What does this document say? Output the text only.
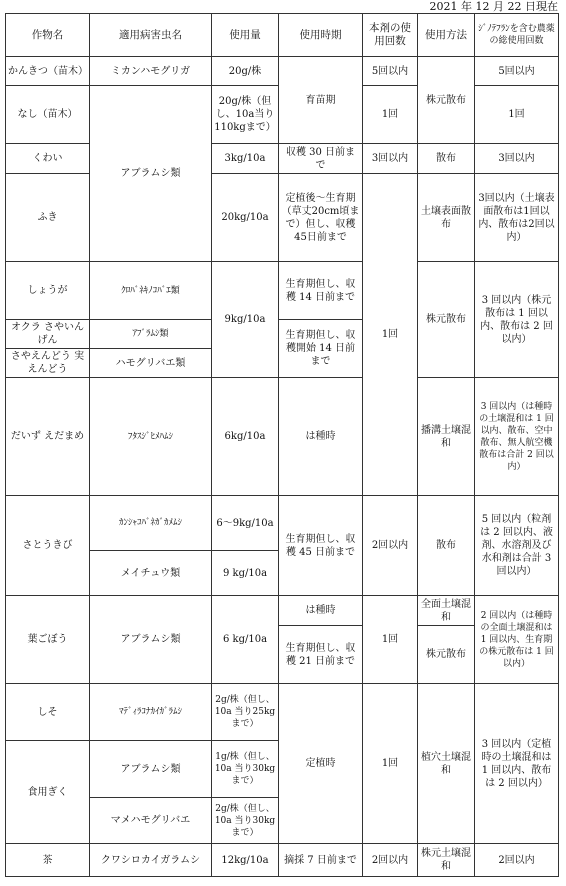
2021 年 12 月 22 日現在
作物名	適用病害虫名	使用量	使用時期	本剤の使用回数	使用方法	ｼﾞﾉﾃﾌﾗﾝを含む農薬の総使用回数
かんきつ（苗木）	ミカンハモグリガ	20g/株	育苗期	5回以内	株元散布	5回以内
なし（苗木）	アブラムシ類	20g/株（但し、10a当り110kgまで）		1回		1回
くわい		3kg/10a	収穫 30 日前まで	3回以内	散布	3回以内
ふき		20kg/10a	定植後～生育期（草丈20cm頃まで）但し、収穫45日前まで	1回	土壌表面散布	3回以内（土壌表面散布は1回以内、散布は2回以内）
しょうが	ｸﾛﾊﾞﾈｷﾉｺﾊﾞｴ類	9kg/10a	生育期但し、収穫 14 日前まで		株元散布	3 回以内（株元散布は 1 回以内、散布は 2 回以内）
オクラ さやいんげん	ｱﾌﾞﾗﾑｼ類		生育期但し、収穫開始 14 日前まで			
さやえんどう 実えんどう	ハモグリバエ類					
だいず えだまめ	ﾌﾀｽｼﾞﾋﾒﾊﾑｼ	6kg/10a	は種時		播溝土壌混和	3 回以内（は種時の土壌混和は 1 回以内、散布、空中散布、無人航空機散布は合計 2 回以内）
さとうきび	ｶﾝｼｬｺﾊﾞﾈｶﾞｶﾒﾑｼ	6～9kg/10a	生育期但し、収穫 45 日前まで	2回以内	散布	5 回以内（粒剤は 2 回以内、液剤、水溶剤及び水和剤は合計 3 回以内）
	メイチュウ類	9 kg/10a				
葉ごぼう	アブラムシ類	6 kg/10a	は種時	1回	全面土壌混和	2 回以内（は種時の全面土壌混和は 1 回以内、生育期の株元散布は 1 回以内）
			生育期但し、収穫 21 日前まで		株元散布	
しそ	ﾏﾃﾞｨﾗｺﾅｶｲｶﾞﾗﾑｼ	2g/株（但し、10a 当り25kg まで）	定植時	1回	植穴土壌混和	3 回以内（定植時の土壌混和は 1 回以内、散布は 2 回以内）
食用ぎく	アブラムシ類	1g/株（但し、10a 当り30kg まで）				
	マメハモグリバエ	2g/株（但し、10a 当り30kg まで）				
茶	クワシロカイガラムシ	12kg/10a	摘採 7 日前まで	2回以内	株元土壌混和	2回以内
